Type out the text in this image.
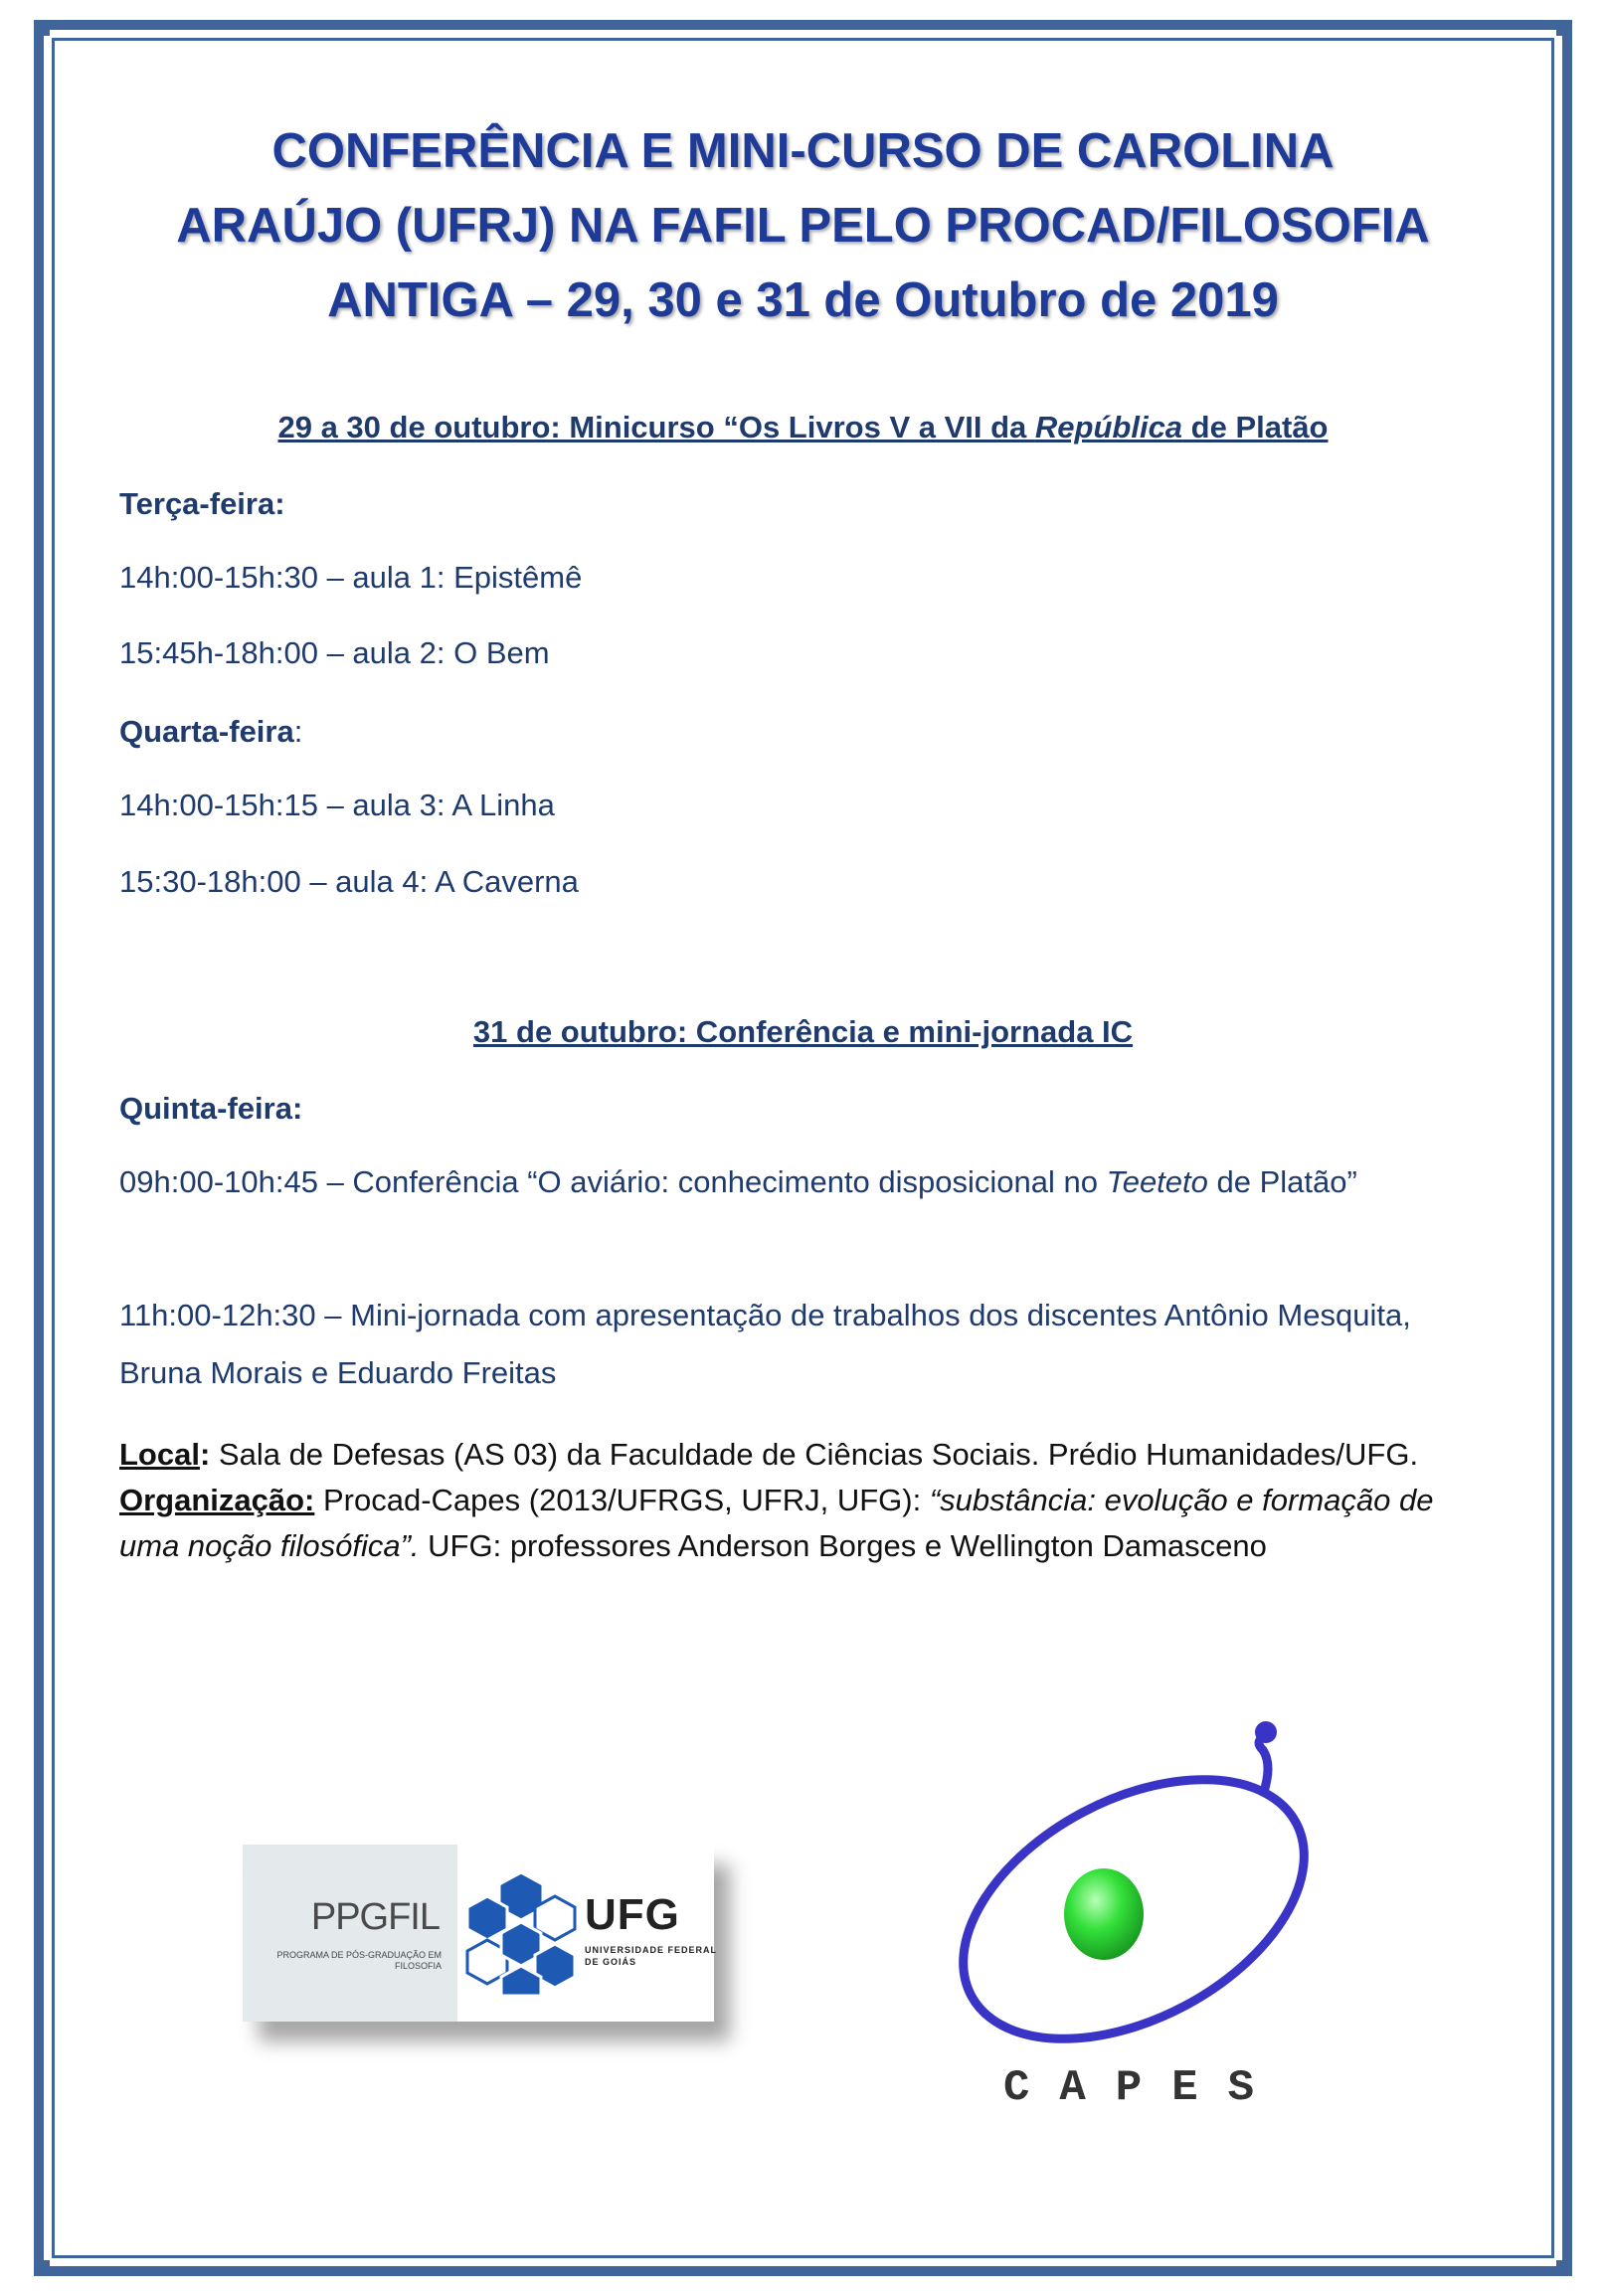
CONFERÊNCIA E MINI-CURSO DE CAROLINA

ARAÚJO (UFRJ) NA FAFIL PELO PROCAD/FILOSOFIA

ANTIGA – 29, 30 e 31 de Outubro de 2019

29 a 30 de outubro: Minicurso “Os Livros V a VII da República de Platão

Terça-feira:

14h:00-15h:30 – aula 1: Epistêmê

15:45h-18h:00 – aula 2: O Bem

Quarta-feira:

14h:00-15h:15 – aula 3: A Linha

15:30-18h:00 – aula 4: A Caverna

31 de outubro: Conferência e mini-jornada IC

Quinta-feira:

09h:00-10h:45 – Conferência “O aviário: conhecimento disposicional no Teeteto de Platão”

11h:00-12h:30 – Mini-jornada com apresentação de trabalhos dos discentes Antônio Mesquita, Bruna Morais e Eduardo Freitas

Local: Sala de Defesas (AS 03) da Faculdade de Ciências Sociais. Prédio Humanidades/UFG. Organização: Procad-Capes (2013/UFRGS, UFRJ, UFG): “substância: evolução e formação de uma noção filosófica”. UFG: professores Anderson Borges e Wellington Damasceno

PPGFIL
PROGRAMA DE PÓS-GRADUAÇÃO EM FILOSOFIA
UFG
UNIVERSIDADE FEDERAL DE GOIÁS
CAPES
